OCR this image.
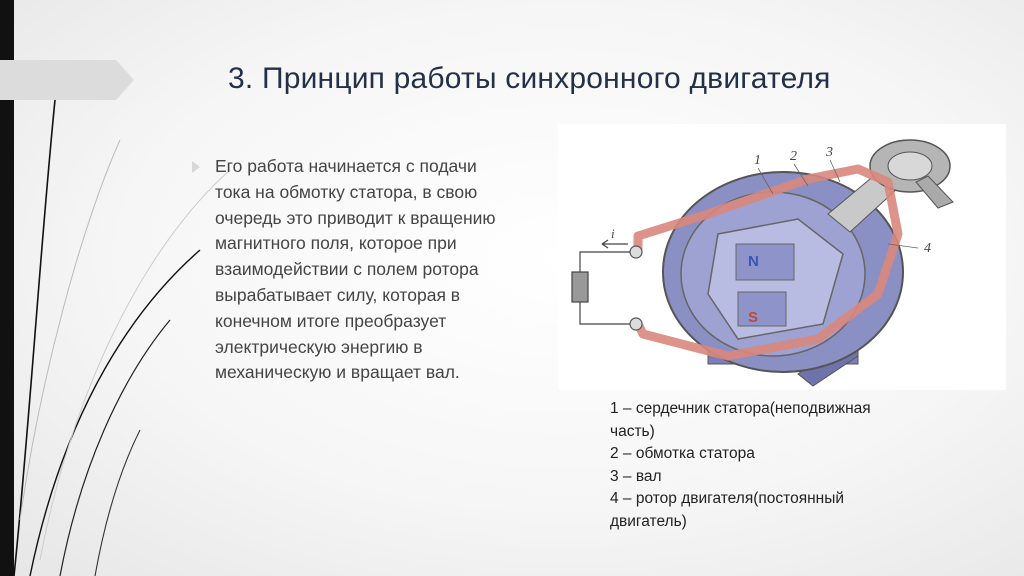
3. Принцип работы синхронного двигателя
Его работа начинается с подачи
тока на обмотку статора, в свою
очередь это приводит к вращению
магнитного поля, которое при
взаимодействии с полем ротора
вырабатывает силу, которая в
конечном итоге преобразует
электрическую энергию в
механическую и вращает вал.
N
S
i
1 2 3
4
1 – сердечник статора(неподвижная
часть)
2 – обмотка статора
3 – вал
4 – ротор двигателя(постоянный
двигатель)
